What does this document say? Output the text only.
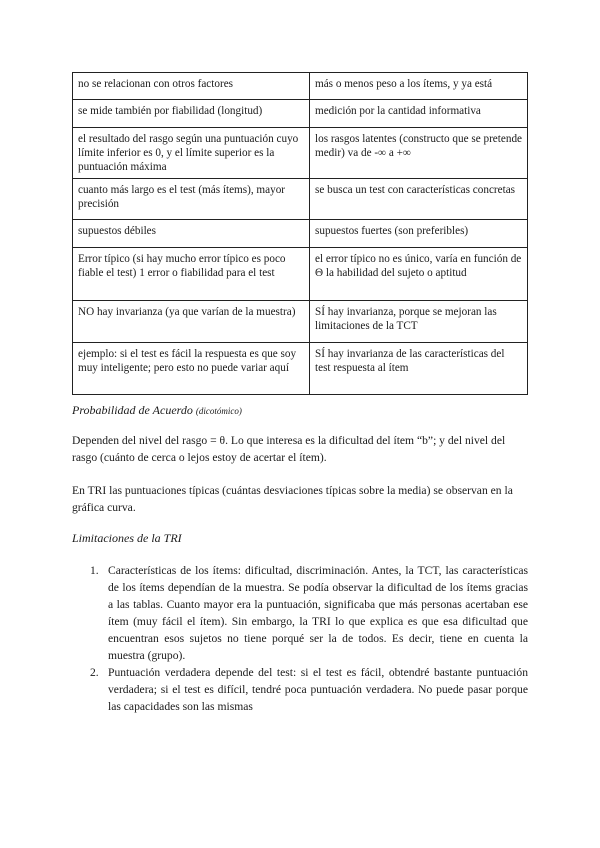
no se relacionan con otros factores	más o menos peso a los ítems, y ya está
se mide también por fiabilidad (longitud)	medición por la cantidad informativa
el resultado del rasgo según una puntuación cuyo límite inferior es 0, y el límite superior es la puntuación máxima	los rasgos latentes (constructo que se pretende medir) va de -∞ a +∞
cuanto más largo es el test (más ítems), mayor precisión	se busca un test con características concretas
supuestos débiles	supuestos fuertes (son preferibles)
Error típico (si hay mucho error típico es poco fiable el test) 1 error o fiabilidad para el test	el error típico no es único, varía en función de Θ la habilidad del sujeto o aptitud
NO hay invarianza (ya que varían de la muestra)	SÍ hay invarianza, porque se mejoran las limitaciones de la TCT
ejemplo: si el test es fácil la respuesta es que soy muy inteligente; pero esto no puede variar aquí	SÍ hay invarianza de las características del test respuesta al ítem
Probabilidad de Acuerdo (dicotómico)

Dependen del nivel del rasgo = θ. Lo que interesa es la dificultad del ítem “b”; y del nivel del rasgo (cuánto de cerca o lejos estoy de acertar el ítem).

En TRI las puntuaciones típicas (cuántas desviaciones típicas sobre la media) se observan en la gráfica curva.

Limitaciones de la TRI
1. Características de los ítems: dificultad, discriminación. Antes, la TCT, las características de los ítems dependían de la muestra. Se podía observar la dificultad de los ítems gracias a las tablas. Cuanto mayor era la puntuación, significaba que más personas acertaban ese ítem (muy fácil el ítem). Sin embargo, la TRI lo que explica es que esa dificultad que encuentran esos sujetos no tiene porqué ser la de todos. Es decir, tiene en cuenta la muestra (grupo).
2. Puntuación verdadera depende del test: si el test es fácil, obtendré bastante puntuación verdadera; si el test es difícil, tendré poca puntuación verdadera. No puede pasar porque las capacidades son las mismas
